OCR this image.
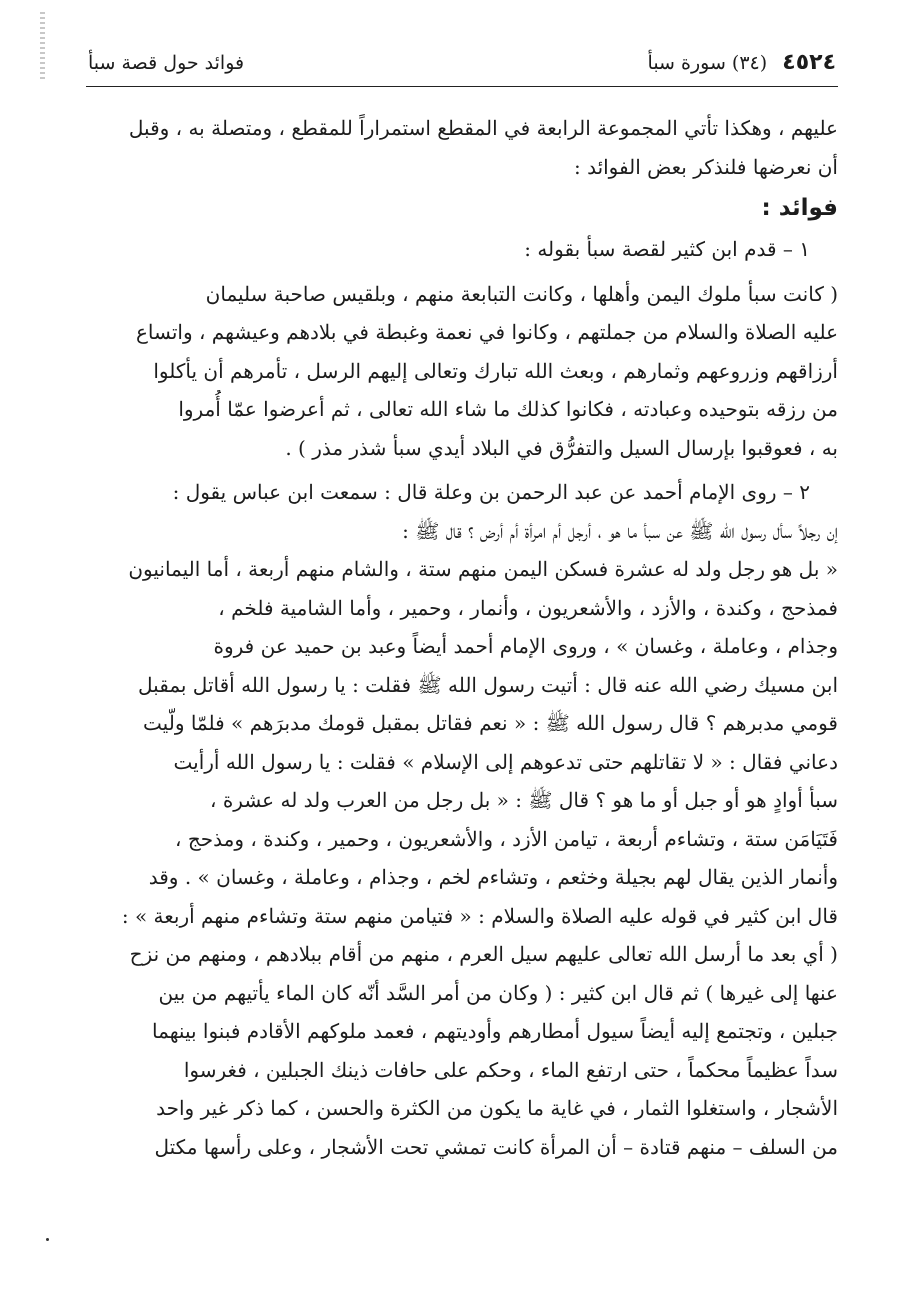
٤٥٢٤ (٣٤) سورة سبأ
فوائد حول قصة سبأ
عليهم ، وهكذا تأتي المجموعة الرابعة في المقطع استمراراً للمقطع ، ومتصلة به ، وقبل
أن نعرضها فلنذكر بعض الفوائد :
فوائد :
١ – قدم ابن كثير لقصة سبأ بقوله :
( كانت سبأ ملوك اليمن وأهلها ، وكانت التبابعة منهم ، وبلقيس صاحبة سليمان
عليه الصلاة والسلام من جملتهم ، وكانوا في نعمة وغبطة في بلادهم وعيشهم ، واتساع
أرزاقهم وزروعهم وثمارهم ، وبعث الله تبارك وتعالى إليهم الرسل ، تأمرهم أن يأكلوا
من رزقه بتوحيده وعبادته ، فكانوا كذلك ما شاء الله تعالى ، ثم أعرضوا عمّا أُمروا
به ، فعوقبوا بإرسال السيل والتفرُّق في البلاد أيدي سبأ شذر مذر ) .
٢ – روى الإمام أحمد عن عبد الرحمن بن وعلة قال : سمعت ابن عباس يقول :
إن رجلاً سأل رسول الله ﷺ عن سبأ ما هو ، أرجل أم امرأة أم أرض ؟ قال ﷺ :
« بل هو رجل ولد له عشرة فسكن اليمن منهم ستة ، والشام منهم أربعة ، أما اليمانيون
فمذحج ، وكندة ، والأزد ، والأشعريون ، وأنمار ، وحمير ، وأما الشامية فلخم ،
وجذام ، وعاملة ، وغسان » ، وروى الإمام أحمد أيضاً وعبد بن حميد عن فروة
ابن مسيك رضي الله عنه قال : أتيت رسول الله ﷺ فقلت : يا رسول الله أقاتل بمقبل
قومي مدبرهم ؟ قال رسول الله ﷺ : « نعم فقاتل بمقبل قومك مدبرَهم » فلمّا ولّيت
دعاني فقال : « لا تقاتلهم حتى تدعوهم إلى الإسلام » فقلت : يا رسول الله أرأيت
سبأ أوادٍ هو أو جبل أو ما هو ؟ قال ﷺ : « بل رجل من العرب ولد له عشرة ،
فَتَيَامَن ستة ، وتشاءم أربعة ، تيامن الأزد ، والأشعريون ، وحمير ، وكندة ، ومذحج ،
وأنمار الذين يقال لهم بجيلة وخثعم ، وتشاءم لخم ، وجذام ، وعاملة ، وغسان » . وقد
قال ابن كثير في قوله عليه الصلاة والسلام : « فتيامن منهم ستة وتشاءم منهم أربعة » :
( أي بعد ما أرسل الله تعالى عليهم سيل العرم ، منهم من أقام ببلادهم ، ومنهم من نزح
عنها إلى غيرها ) ثم قال ابن كثير : ( وكان من أمر السَّد أنّه كان الماء يأتيهم من بين
جبلين ، وتجتمع إليه أيضاً سيول أمطارهم وأوديتهم ، فعمد ملوكهم الأقادم فبنوا بينهما
سداً عظيماً محكماً ، حتى ارتفع الماء ، وحكم على حافات ذينك الجبلين ، فغرسوا
الأشجار ، واستغلوا الثمار ، في غاية ما يكون من الكثرة والحسن ، كما ذكر غير واحد
من السلف – منهم قتادة – أن المرأة كانت تمشي تحت الأشجار ، وعلى رأسها مكتل
